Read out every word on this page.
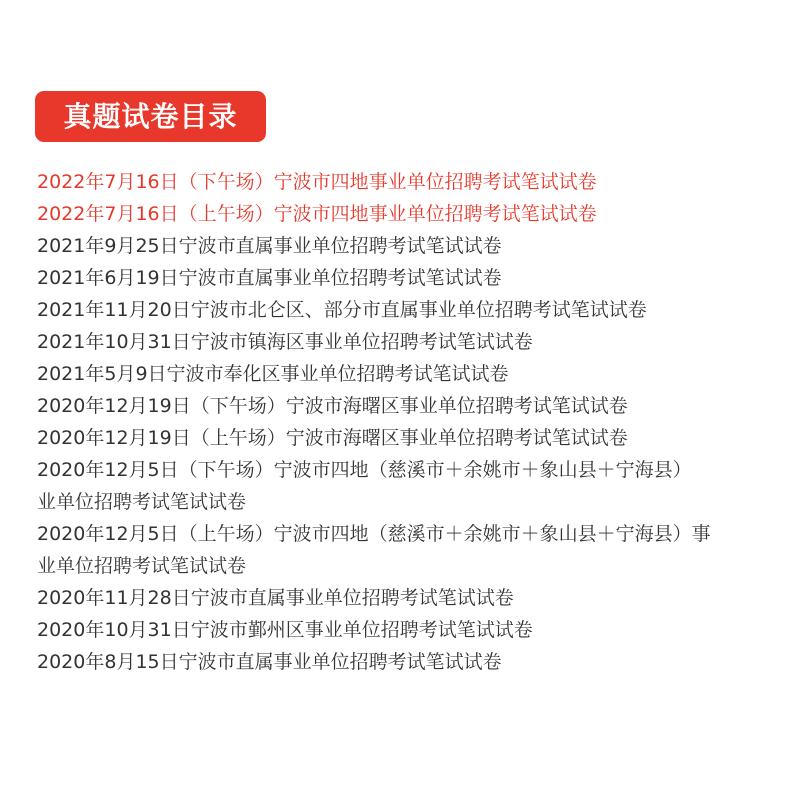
真题试卷目录
2022年7月16日（下午场）宁波市四地事业单位招聘考试笔试试卷
2022年7月16日（上午场）宁波市四地事业单位招聘考试笔试试卷
2021年9月25日宁波市直属事业单位招聘考试笔试试卷
2021年6月19日宁波市直属事业单位招聘考试笔试试卷
2021年11月20日宁波市北仑区、部分市直属事业单位招聘考试笔试试卷
2021年10月31日宁波市镇海区事业单位招聘考试笔试试卷
2021年5月9日宁波市奉化区事业单位招聘考试笔试试卷
2020年12月19日（下午场）宁波市海曙区事业单位招聘考试笔试试卷
2020年12月19日（上午场）宁波市海曙区事业单位招聘考试笔试试卷
2020年12月5日（下午场）宁波市四地（慈溪市＋余姚市＋象山县＋宁海县）
业单位招聘考试笔试试卷
2020年12月5日（上午场）宁波市四地（慈溪市＋余姚市＋象山县＋宁海县）事
业单位招聘考试笔试试卷
2020年11月28日宁波市直属事业单位招聘考试笔试试卷
2020年10月31日宁波市鄞州区事业单位招聘考试笔试试卷
2020年8月15日宁波市直属事业单位招聘考试笔试试卷
